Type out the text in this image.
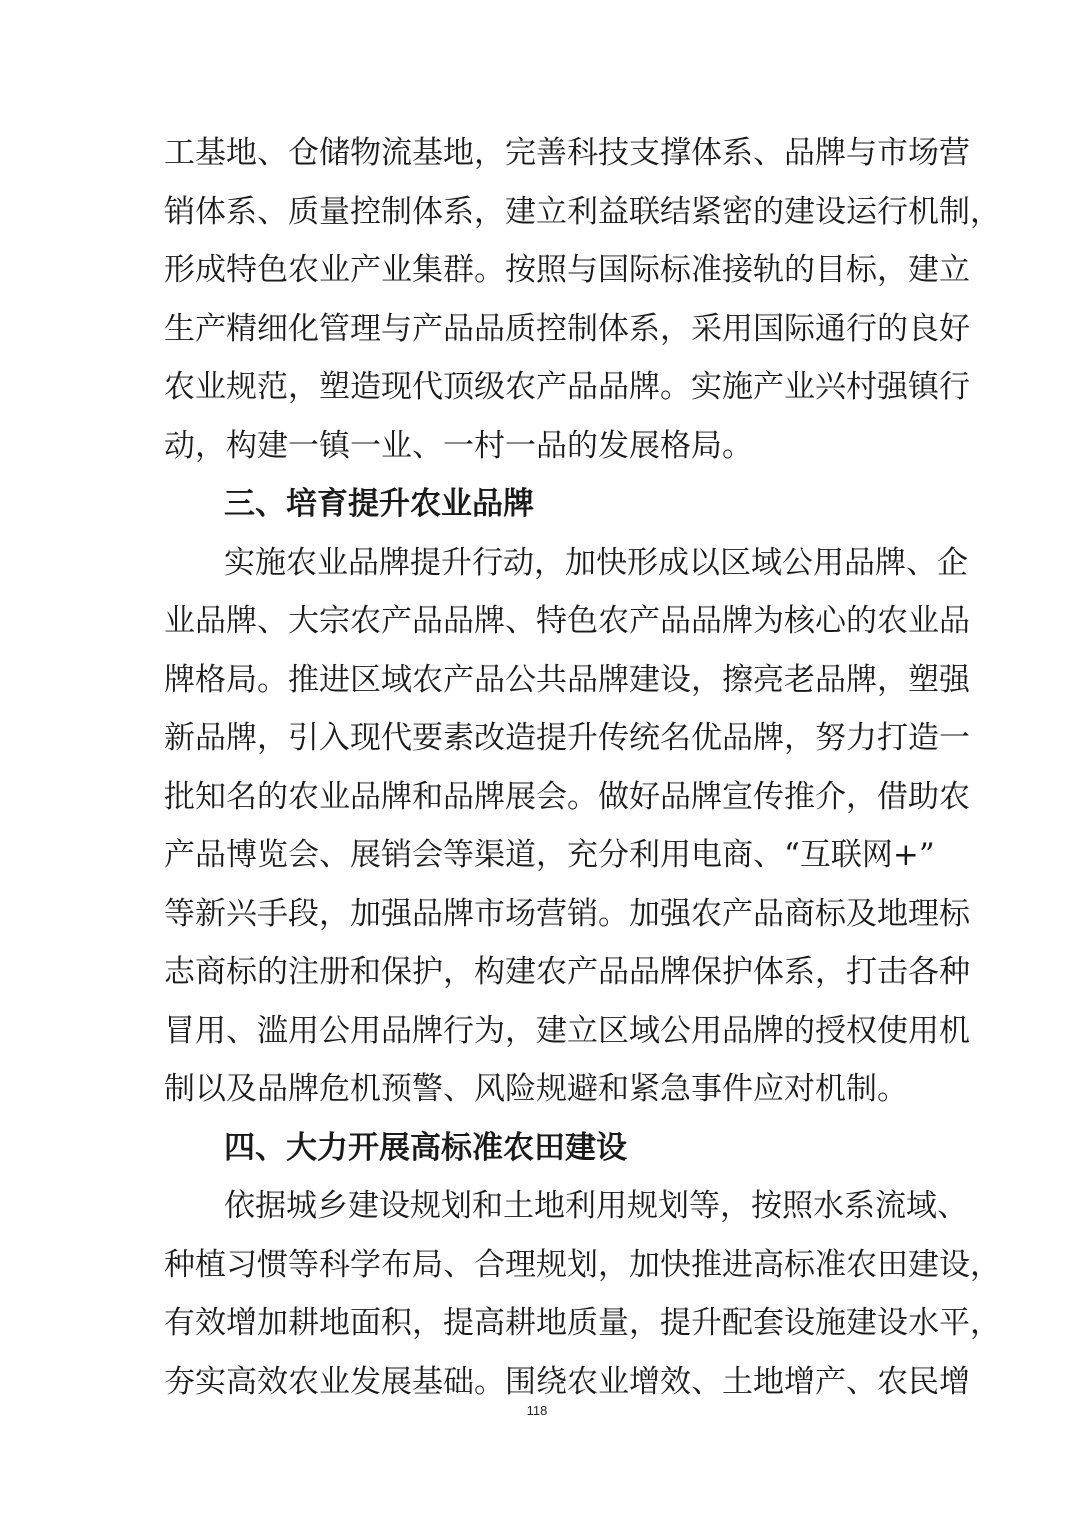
工基地、仓储物流基地，完善科技支撑体系、品牌与市场营
销体系、质量控制体系，建立利益联结紧密的建设运行机制，
形成特色农业产业集群。按照与国际标准接轨的目标，建立
生产精细化管理与产品品质控制体系，采用国际通行的良好
农业规范，塑造现代顶级农产品品牌。实施产业兴村强镇行
动，构建一镇一业、一村一品的发展格局。
三、培育提升农业品牌
实施农业品牌提升行动，加快形成以区域公用品牌、企
业品牌、大宗农产品品牌、特色农产品品牌为核心的农业品
牌格局。推进区域农产品公共品牌建设，擦亮老品牌，塑强
新品牌，引入现代要素改造提升传统名优品牌，努力打造一
批知名的农业品牌和品牌展会。做好品牌宣传推介，借助农
产品博览会、展销会等渠道，充分利用电商、“互联网+”
等新兴手段，加强品牌市场营销。加强农产品商标及地理标
志商标的注册和保护，构建农产品品牌保护体系，打击各种
冒用、滥用公用品牌行为，建立区域公用品牌的授权使用机
制以及品牌危机预警、风险规避和紧急事件应对机制。
四、大力开展高标准农田建设
依据城乡建设规划和土地利用规划等，按照水系流域、
种植习惯等科学布局、合理规划，加快推进高标准农田建设，
有效增加耕地面积，提高耕地质量，提升配套设施建设水平，
夯实高效农业发展基础。围绕农业增效、土地增产、农民增
118
